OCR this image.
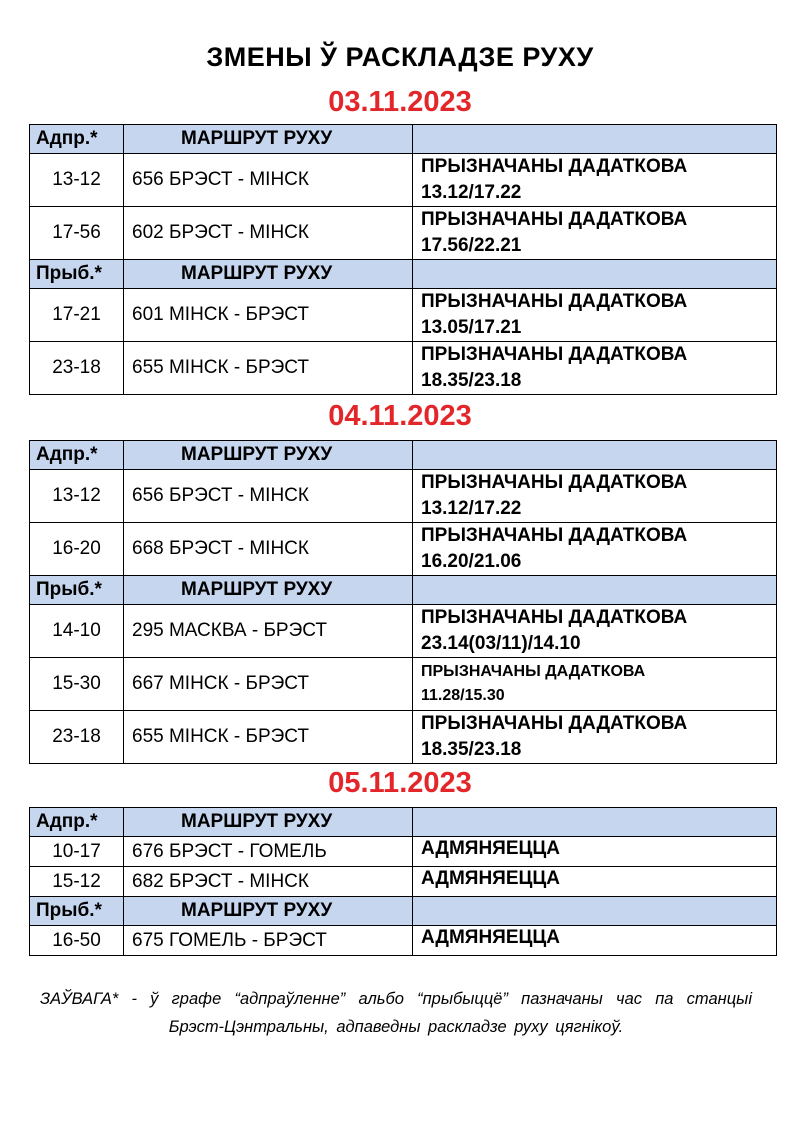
ЗМЕНЫ Ў РАСКЛАДЗЕ РУХУ
03.11.2023
Адпр.*	МАРШРУТ РУХУ	
13-12	656 БРЭСТ - МІНСК	ПРЫЗНАЧАНЫ ДАДАТКОВА
13.12/17.22

17-56	602 БРЭСТ - МІНСК	ПРЫЗНАЧАНЫ ДАДАТКОВА
17.56/22.21

Прыб.*	МАРШРУТ РУХУ	
17-21	601 МІНСК - БРЭСТ	ПРЫЗНАЧАНЫ ДАДАТКОВА
13.05/17.21

23-18	655 МІНСК - БРЭСТ	ПРЫЗНАЧАНЫ ДАДАТКОВА
18.35/23.18
04.11.2023
Адпр.*	МАРШРУТ РУХУ	
13-12	656 БРЭСТ - МІНСК	ПРЫЗНАЧАНЫ ДАДАТКОВА
13.12/17.22

16-20	668 БРЭСТ - МІНСК	ПРЫЗНАЧАНЫ ДАДАТКОВА
16.20/21.06

Прыб.*	МАРШРУТ РУХУ	
14-10	295 МАСКВА - БРЭСТ	ПРЫЗНАЧАНЫ ДАДАТКОВА
23.14(03/11)/14.10

15-30	667 МІНСК - БРЭСТ	ПРЫЗНАЧАНЫ ДАДАТКОВА
11.28/15.30

23-18	655 МІНСК - БРЭСТ	ПРЫЗНАЧАНЫ ДАДАТКОВА
18.35/23.18
05.11.2023
Адпр.*	МАРШРУТ РУХУ	
10-17	676 БРЭСТ - ГОМЕЛЬ	АДМЯНЯЕЦЦА
15-12	682 БРЭСТ - МІНСК	АДМЯНЯЕЦЦА
Прыб.*	МАРШРУТ РУХУ	
16-50	675 ГОМЕЛЬ - БРЭСТ	АДМЯНЯЕЦЦА
ЗАЎВАГА* - ў графе “адпраўленне” альбо “прыбыццё” пазначаны час па станцыі Брэст-Цэнтральны, адпаведны раскладзе руху цягнікоў.
